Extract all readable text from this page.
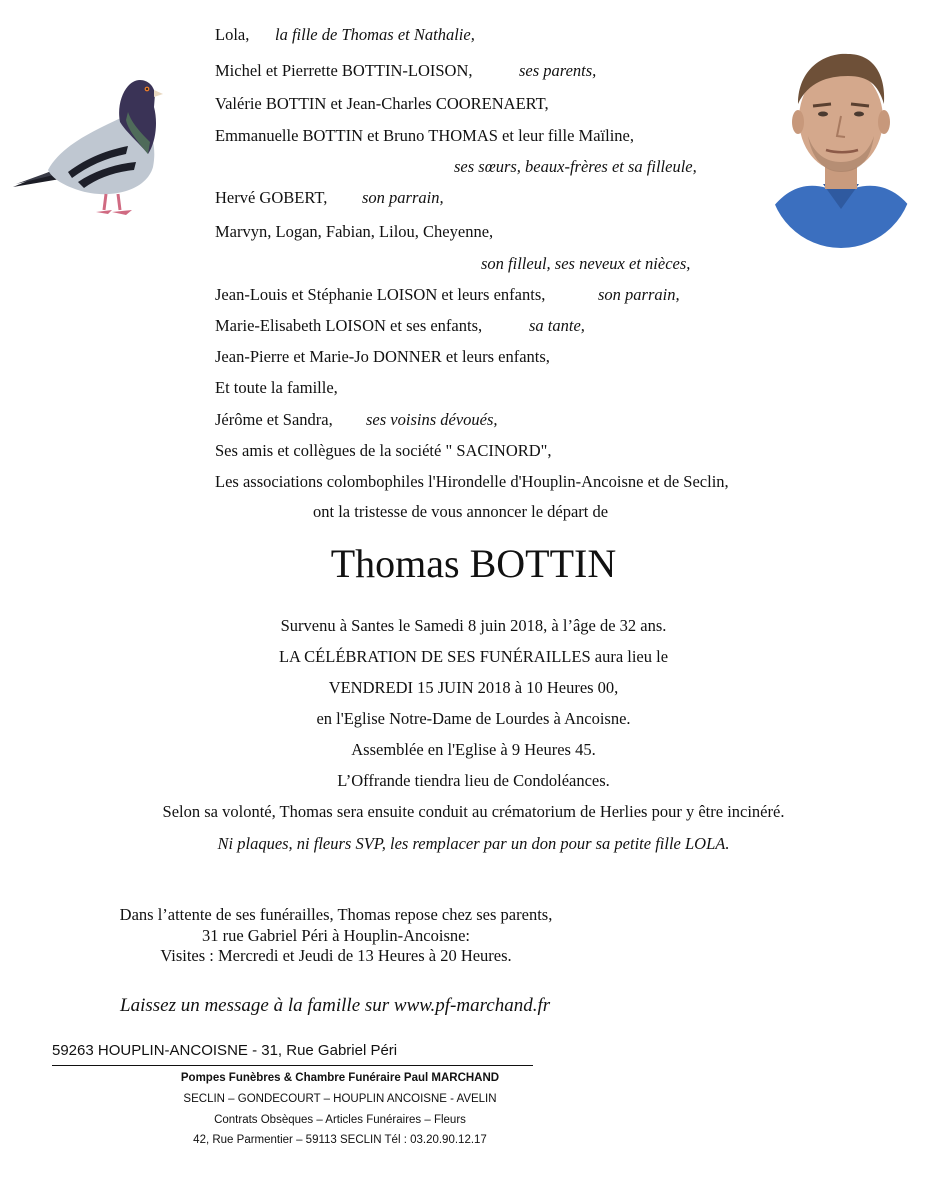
Lola, la fille de Thomas et Nathalie,
Michel et Pierrette BOTTIN-LOISON,	ses parents,
Valérie BOTTIN et Jean-Charles COORENAERT,
Emmanuelle BOTTIN et Bruno THOMAS et leur fille Maïline,
ses sœurs, beaux-frères et sa filleule,
Hervé GOBERT, son parrain,
Marvyn, Logan, Fabian, Lilou, Cheyenne,
son filleul, ses neveux et nièces,
Jean-Louis et Stéphanie LOISON et leurs enfants,	son parrain,
Marie-Elisabeth LOISON et ses enfants,	sa tante,
Jean-Pierre et Marie-Jo DONNER et leurs enfants,
Et toute la famille,
Jérôme et Sandra, ses voisins dévoués,
Ses amis et collègues de la société " SACINORD",
Les associations colombophiles l'Hirondelle d'Houplin-Ancoisne et de Seclin,
ont la tristesse de vous annoncer le départ de
Thomas BOTTIN
Survenu à Santes le Samedi 8 juin 2018, à l’âge de 32 ans.
LA CÉLÉBRATION DE SES FUNÉRAILLES aura lieu le
VENDREDI 15 JUIN 2018 à 10 Heures 00,
en l'Eglise Notre-Dame de Lourdes à Ancoisne.
Assemblée en l'Eglise à 9 Heures 45.
L’Offrande tiendra lieu de Condoléances.
Selon sa volonté, Thomas sera ensuite conduit au crématorium de Herlies pour y être incinéré.
Ni plaques, ni fleurs SVP, les remplacer par un don pour sa petite fille LOLA.
Dans l’attente de ses funérailles, Thomas repose chez ses parents,
31 rue Gabriel Péri à Houplin-Ancoisne:
Visites : Mercredi et Jeudi de 13 Heures à 20 Heures.
Laissez un message à la famille sur www.pf-marchand.fr
59263 HOUPLIN-ANCOISNE - 31, Rue Gabriel Péri
Pompes Funèbres & Chambre Funéraire Paul MARCHAND
SECLIN – GONDECOURT – HOUPLIN ANCOISNE - AVELIN
Contrats Obsèques – Articles Funéraires – Fleurs
42, Rue Parmentier – 59113 SECLIN Tél : 03.20.90.12.17
